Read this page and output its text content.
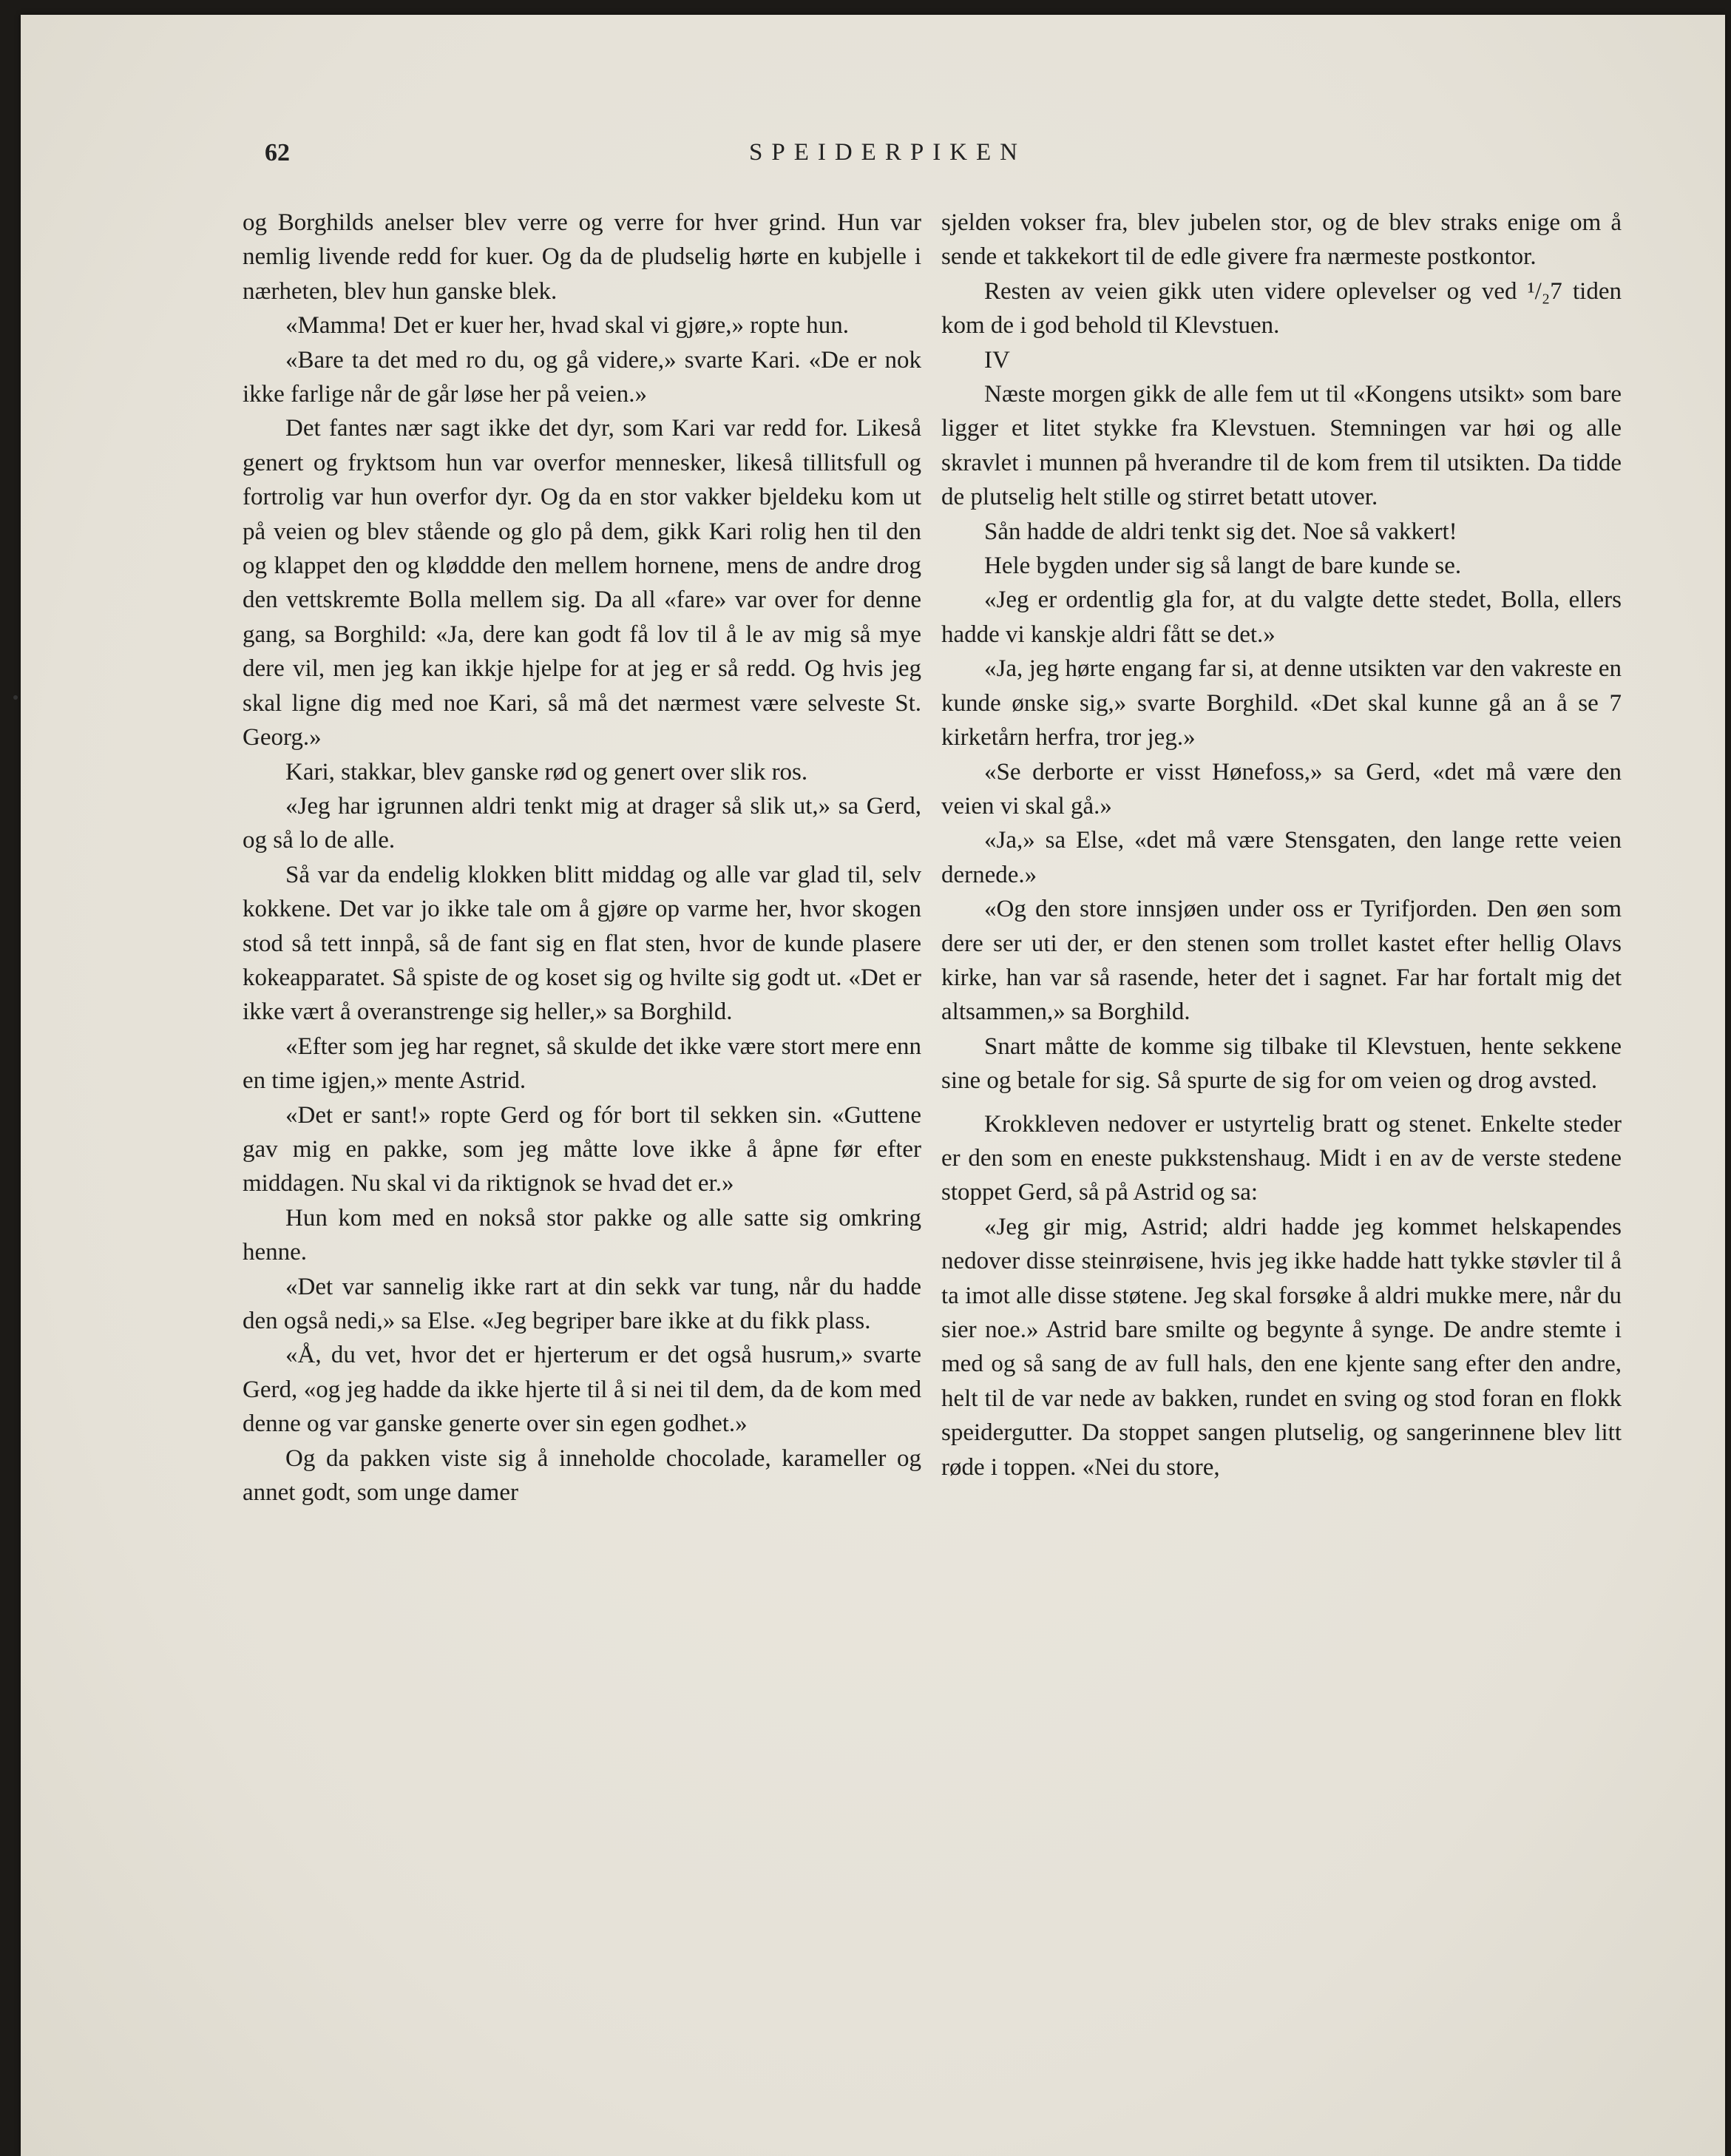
62	SPEIDERPIKEN

og Borghilds anelser blev verre og verre for hver grind. Hun var nemlig livende redd for kuer. Og da de pludselig hørte en kubjelle i nærheten, blev hun ganske blek.

«Mamma! Det er kuer her, hvad skal vi gjøre,» ropte hun.

«Bare ta det med ro du, og gå videre,» svarte Kari. «De er nok ikke farlige når de går løse her på veien.»

Det fantes nær sagt ikke det dyr, som Kari var redd for. Likeså genert og fryktsom hun var overfor mennesker, likeså tillitsfull og fortrolig var hun overfor dyr. Og da en stor vakker bjeldeku kom ut på veien og blev stående og glo på dem, gikk Kari rolig hen til den og klappet den og kløddde den mellem hornene, mens de andre drog den vettskremte Bolla mellem sig. Da all «fare» var over for denne gang, sa Borghild: «Ja, dere kan godt få lov til å le av mig så mye dere vil, men jeg kan ikkje hjelpe for at jeg er så redd. Og hvis jeg skal ligne dig med noe Kari, så må det nærmest være selveste St. Georg.»

Kari, stakkar, blev ganske rød og genert over slik ros.

«Jeg har igrunnen aldri tenkt mig at drager så slik ut,» sa Gerd, og så lo de alle.

Så var da endelig klokken blitt middag og alle var glad til, selv kokkene. Det var jo ikke tale om å gjøre op varme her, hvor skogen stod så tett innpå, så de fant sig en flat sten, hvor de kunde plasere kokeapparatet. Så spiste de og koset sig og hvilte sig godt ut. «Det er ikke vært å overanstrenge sig heller,» sa Borghild.

«Efter som jeg har regnet, så skulde det ikke være stort mere enn en time igjen,» mente Astrid.

«Det er sant!» ropte Gerd og fór bort til sekken sin. «Guttene gav mig en pakke, som jeg måtte love ikke å åpne før efter middagen. Nu skal vi da riktignok se hvad det er.»

Hun kom med en nokså stor pakke og alle satte sig omkring henne.

«Det var sannelig ikke rart at din sekk var tung, når du hadde den også nedi,» sa Else. «Jeg begriper bare ikke at du fikk plass.

«Å, du vet, hvor det er hjerterum er det også husrum,» svarte Gerd, «og jeg hadde da ikke hjerte til å si nei til dem, da de kom med denne og var ganske generte over sin egen godhet.»

Og da pakken viste sig å inneholde chocolade, karameller og annet godt, som unge damer

sjelden vokser fra, blev jubelen stor, og de blev straks enige om å sende et takkekort til de edle givere fra nærmeste postkontor.

Resten av veien gikk uten videre oplevelser og ved ¹/₂7 tiden kom de i god behold til Klevstuen.

IV

Næste morgen gikk de alle fem ut til «Kongens utsikt» som bare ligger et litet stykke fra Klevstuen. Stemningen var høi og alle skravlet i munnen på hverandre til de kom frem til utsikten. Da tidde de plutselig helt stille og stirret betatt utover.

Sån hadde de aldri tenkt sig det. Noe så vakkert!

Hele bygden under sig så langt de bare kunde se.

«Jeg er ordentlig gla for, at du valgte dette stedet, Bolla, ellers hadde vi kanskje aldri fått se det.»

«Ja, jeg hørte engang far si, at denne utsikten var den vakreste en kunde ønske sig,» svarte Borghild. «Det skal kunne gå an å se 7 kirketårn herfra, tror jeg.»

«Se derborte er visst Hønefoss,» sa Gerd, «det må være den veien vi skal gå.»

«Ja,» sa Else, «det må være Stensgaten, den lange rette veien dernede.»

«Og den store innsjøen under oss er Tyrifjorden. Den øen som dere ser uti der, er den stenen som trollet kastet efter hellig Olavs kirke, han var så rasende, heter det i sagnet. Far har fortalt mig det altsammen,» sa Borghild.

Snart måtte de komme sig tilbake til Klevstuen, hente sekkene sine og betale for sig. Så spurte de sig for om veien og drog avsted.

Krokkleven nedover er ustyrtelig bratt og stenet. Enkelte steder er den som en eneste pukkstenshaug. Midt i en av de verste stedene stoppet Gerd, så på Astrid og sa:

«Jeg gir mig, Astrid; aldri hadde jeg kommet helskapendes nedover disse steinrøisene, hvis jeg ikke hadde hatt tykke støvler til å ta imot alle disse støtene. Jeg skal forsøke å aldri mukke mere, når du sier noe.» Astrid bare smilte og begynte å synge. De andre stemte i med og så sang de av full hals, den ene kjente sang efter den andre, helt til de var nede av bakken, rundet en sving og stod foran en flokk speidergutter. Da stoppet sangen plutselig, og sangerinnene blev litt røde i toppen. «Nei du store,
